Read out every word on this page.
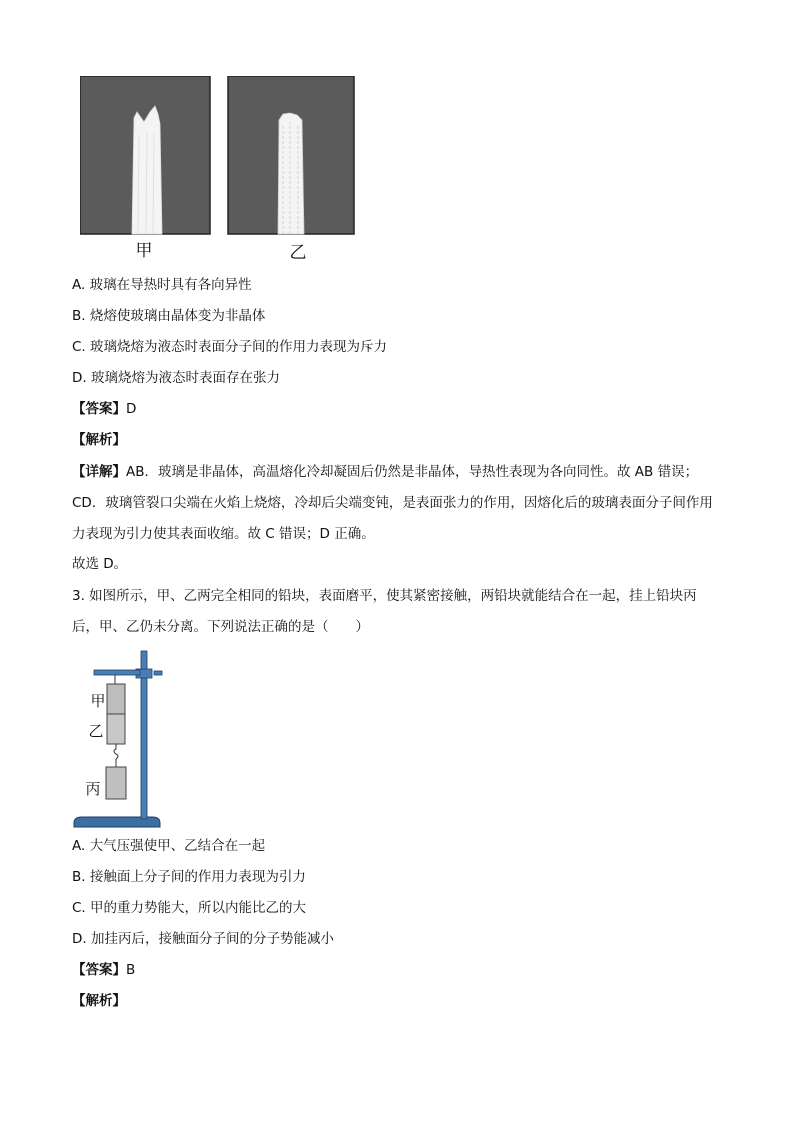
甲	乙
A. 玻璃在导热时具有各向异性
B. 烧熔使玻璃由晶体变为非晶体
C. 玻璃烧熔为液态时表面分子间的作用力表现为斥力
D. 玻璃烧熔为液态时表面存在张力
【答案】D
【解析】
【详解】AB．玻璃是非晶体，高温熔化冷却凝固后仍然是非晶体，导热性表现为各向同性。故 AB 错误；CD．玻璃管裂口尖端在火焰上烧熔，冷却后尖端变钝，是表面张力的作用，因熔化后的玻璃表面分子间作用力表现为引力使其表面收缩。故 C 错误；D 正确。
故选 D。
3. 如图所示，甲、乙两完全相同的铅块，表面磨平，使其紧密接触，两铅块就能结合在一起，挂上铅块丙后，甲、乙仍未分离。下列说法正确的是（　　）
甲
乙
丙
A. 大气压强使甲、乙结合在一起
B. 接触面上分子间的作用力表现为引力
C. 甲的重力势能大，所以内能比乙的大
D. 加挂丙后，接触面分子间的分子势能减小
【答案】B
【解析】
